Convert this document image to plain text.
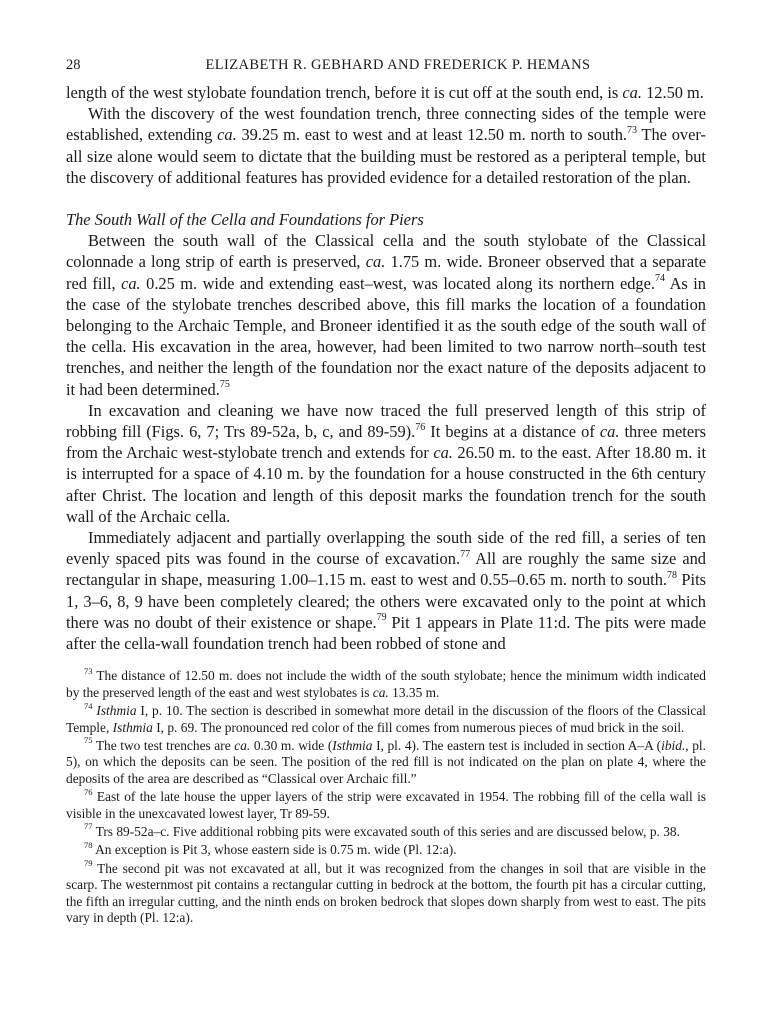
28	ELIZABETH R. GEBHARD AND FREDERICK P. HEMANS

length of the west stylobate foundation trench, before it is cut off at the south end, is ca. 12.50 m.

With the discovery of the west foundation trench, three connecting sides of the temple were established, extending ca. 39.25 m. east to west and at least 12.50 m. north to south.$^{73}$ The over-all size alone would seem to dictate that the building must be restored as a peripteral temple, but the discovery of additional features has provided evidence for a detailed restoration of the plan.

The South Wall of the Cella and Foundations for Piers

Between the south wall of the Classical cella and the south stylobate of the Classical colonnade a long strip of earth is preserved, ca. 1.75 m. wide. Broneer observed that a separate red fill, ca. 0.25 m. wide and extending east–west, was located along its northern edge.$^{74}$ As in the case of the stylobate trenches described above, this fill marks the location of a foundation belonging to the Archaic Temple, and Broneer identified it as the south edge of the south wall of the cella. His excavation in the area, however, had been limited to two narrow north–south test trenches, and neither the length of the foundation nor the exact nature of the deposits adjacent to it had been determined.$^{75}$

In excavation and cleaning we have now traced the full preserved length of this strip of robbing fill (Figs. 6, 7; Trs 89-52a, b, c, and 89-59).$^{76}$ It begins at a distance of ca. three meters from the Archaic west-stylobate trench and extends for ca. 26.50 m. to the east. After 18.80 m. it is interrupted for a space of 4.10 m. by the foundation for a house constructed in the 6th century after Christ. The location and length of this deposit marks the foundation trench for the south wall of the Archaic cella.

Immediately adjacent and partially overlapping the south side of the red fill, a series of ten evenly spaced pits was found in the course of excavation.$^{77}$ All are roughly the same size and rectangular in shape, measuring 1.00–1.15 m. east to west and 0.55–0.65 m. north to south.$^{78}$ Pits 1, 3–6, 8, 9 have been completely cleared; the others were excavated only to the point at which there was no doubt of their existence or shape.$^{79}$ Pit 1 appears in Plate 11:d. The pits were made after the cella-wall foundation trench had been robbed of stone and

$^{73}$ The distance of 12.50 m. does not include the width of the south stylobate; hence the minimum width indicated by the preserved length of the east and west stylobates is ca. 13.35 m.

$^{74}$ Isthmia I, p. 10. The section is described in somewhat more detail in the discussion of the floors of the Classical Temple, Isthmia I, p. 69. The pronounced red color of the fill comes from numerous pieces of mud brick in the soil.

$^{75}$ The two test trenches are ca. 0.30 m. wide (Isthmia I, pl. 4). The eastern test is included in section A–A (ibid., pl. 5), on which the deposits can be seen. The position of the red fill is not indicated on the plan on plate 4, where the deposits of the area are described as “Classical over Archaic fill.”

$^{76}$ East of the late house the upper layers of the strip were excavated in 1954. The robbing fill of the cella wall is visible in the unexcavated lowest layer, Tr 89-59.

$^{77}$ Trs 89-52a–c. Five additional robbing pits were excavated south of this series and are discussed below, p. 38.

$^{78}$ An exception is Pit 3, whose eastern side is 0.75 m. wide (Pl. 12:a).

$^{79}$ The second pit was not excavated at all, but it was recognized from the changes in soil that are visible in the scarp. The westernmost pit contains a rectangular cutting in bedrock at the bottom, the fourth pit has a circular cutting, the fifth an irregular cutting, and the ninth ends on broken bedrock that slopes down sharply from west to east. The pits vary in depth (Pl. 12:a).
